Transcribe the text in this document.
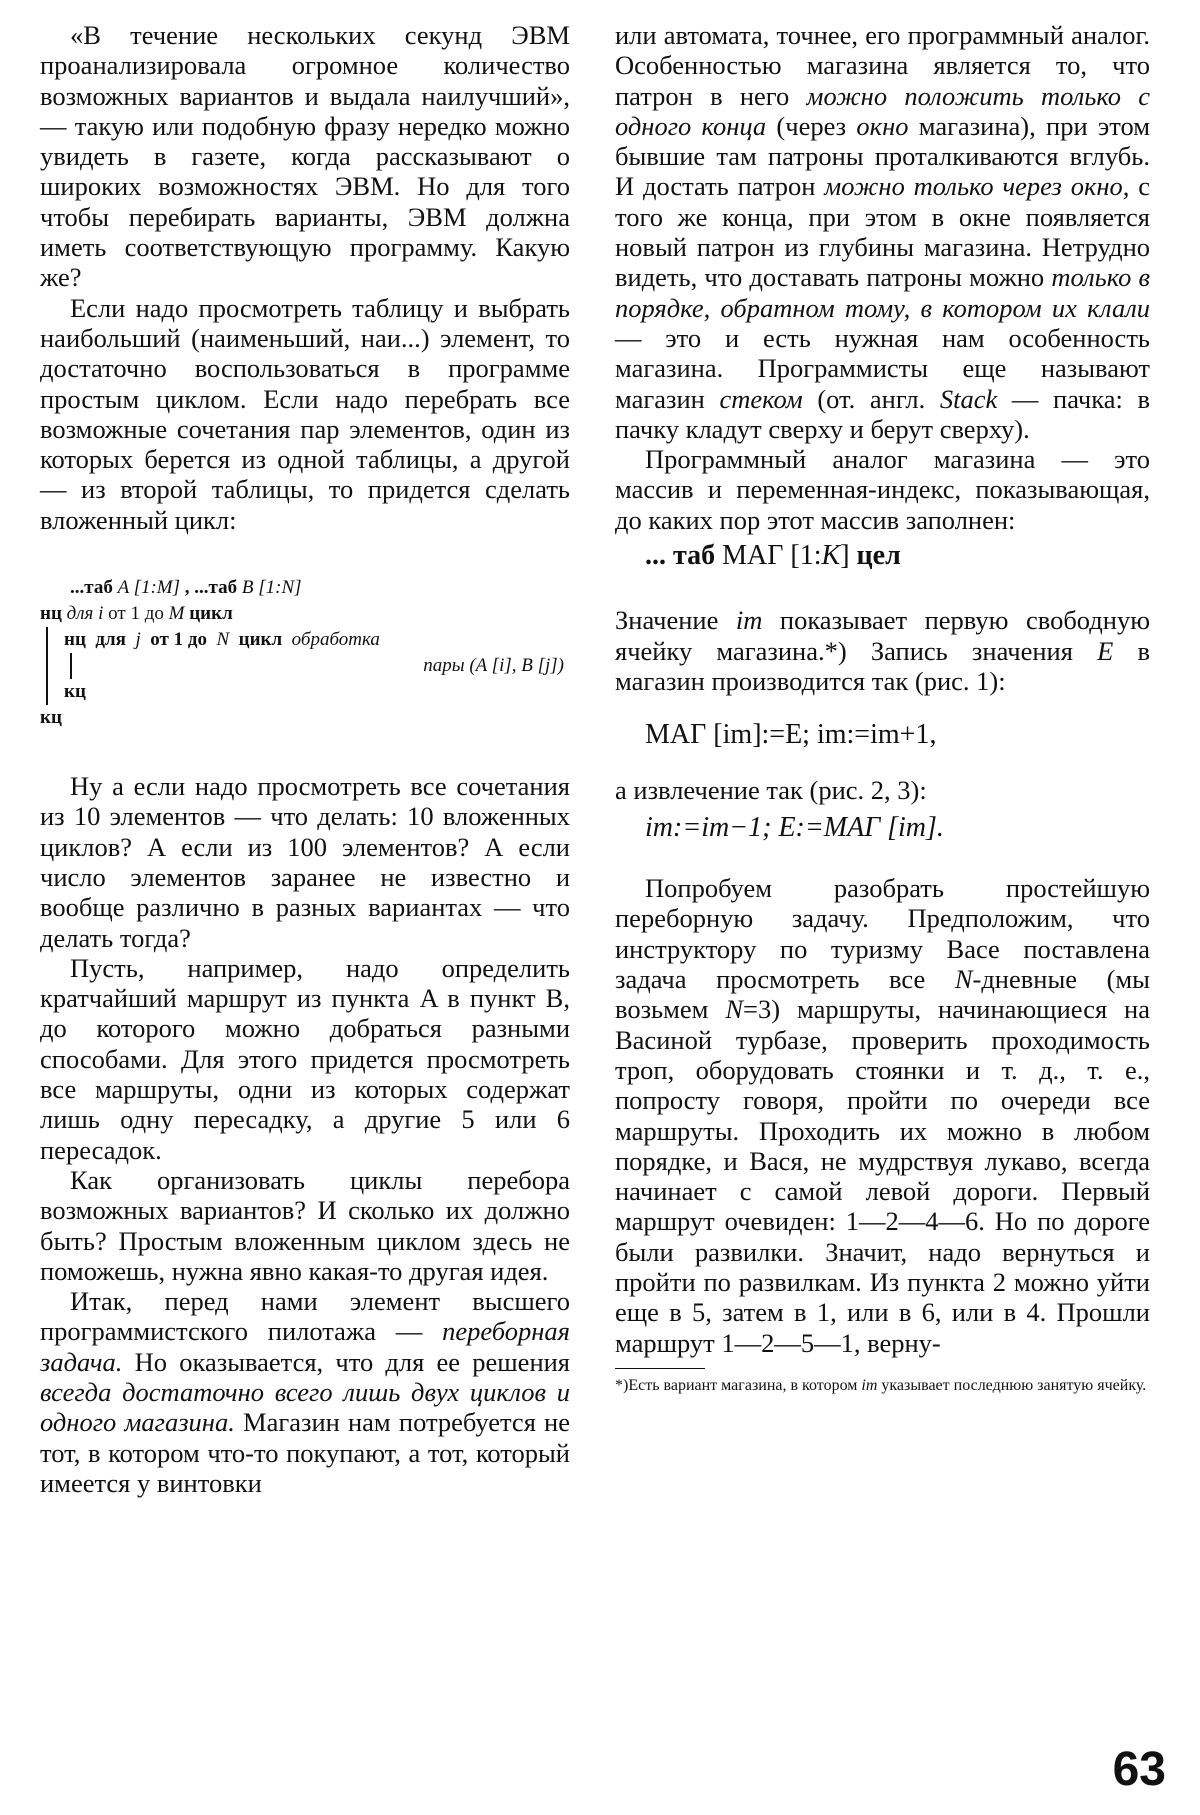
«В течение нескольких секунд ЭВМ проанализировала огромное количество возможных вариантов и выдала наилучший», — такую или подобную фразу нередко можно увидеть в газете, когда рассказывают о широких возможностях ЭВМ. Но для того чтобы перебирать варианты, ЭВМ должна иметь соответствующую программу. Какую же?

Если надо просмотреть таблицу и выбрать наибольший (наименьший, наи...) элемент, то достаточно воспользоваться в программе простым циклом. Если надо перебрать все возможные сочетания пар элементов, один из которых берется из одной таблицы, а другой — из второй таблицы, то придется сделать вложенный цикл:

...таб A [1:M] , ...таб B [1:N]
нц для i от 1 до M цикл
нц для j от 1 до N цикл обработка
пары (A [i], B [j])
кц
кц

Ну а если надо просмотреть все сочетания из 10 элементов — что делать: 10 вложенных циклов? А если из 100 элементов? А если число элементов заранее не известно и вообще различно в разных вариантах — что делать тогда?

Пусть, например, надо определить кратчайший маршрут из пункта A в пункт B, до которого можно добраться разными способами. Для этого придется просмотреть все маршруты, одни из которых содержат лишь одну пересадку, а другие 5 или 6 пересадок.

Как организовать циклы перебора возможных вариантов? И сколько их должно быть? Простым вложенным циклом здесь не поможешь, нужна явно какая-то другая идея.

Итак, перед нами элемент высшего программистского пилотажа — переборная задача. Но оказывается, что для ее решения всегда достаточно всего лишь двух циклов и одного магазина. Магазин нам потребуется не тот, в котором что-то покупают, а тот, который имеется у винтовки

или автомата, точнее, его программный аналог. Особенностью магазина является то, что патрон в него можно положить только с одного конца (через окно магазина), при этом бывшие там патроны проталкиваются вглубь. И достать патрон можно только через окно, с того же конца, при этом в окне появляется новый патрон из глубины магазина. Нетрудно видеть, что доставать патроны можно только в порядке, обратном тому, в котором их клали — это и есть нужная нам особенность магазина. Программисты еще называют магазин стеком (от. англ. Stack — пачка: в пачку кладут сверху и берут сверху).

Программный аналог магазина — это массив и переменная-индекс, показывающая, до каких пор этот массив заполнен:

... таб МАГ [1:K] цел

Значение im показывает первую свободную ячейку магазина.*) Запись значения E в магазин производится так (рис. 1):

МАГ [im]:=E; im:=im+1,

а извлечение так (рис. 2, 3):

im:=im−1; E:=МАГ [im].

Попробуем разобрать простейшую переборную задачу. Предположим, что инструктору по туризму Васе поставлена задача просмотреть все N-дневные (мы возьмем N=3) маршруты, начинающиеся на Васиной турбазе, проверить проходимость троп, оборудовать стоянки и т. д., т. е., попросту говоря, пройти по очереди все маршруты. Проходить их можно в любом порядке, и Вася, не мудрствуя лукаво, всегда начинает с самой левой дороги. Первый маршрут очевиден: 1—2—4—6. Но по дороге были развилки. Значит, надо вернуться и пройти по развилкам. Из пункта 2 можно уйти еще в 5, затем в 1, или в 6, или в 4. Прошли маршрут 1—2—5—1, верну-

*)Есть вариант магазина, в котором im указывает последнюю занятую ячейку.
63
